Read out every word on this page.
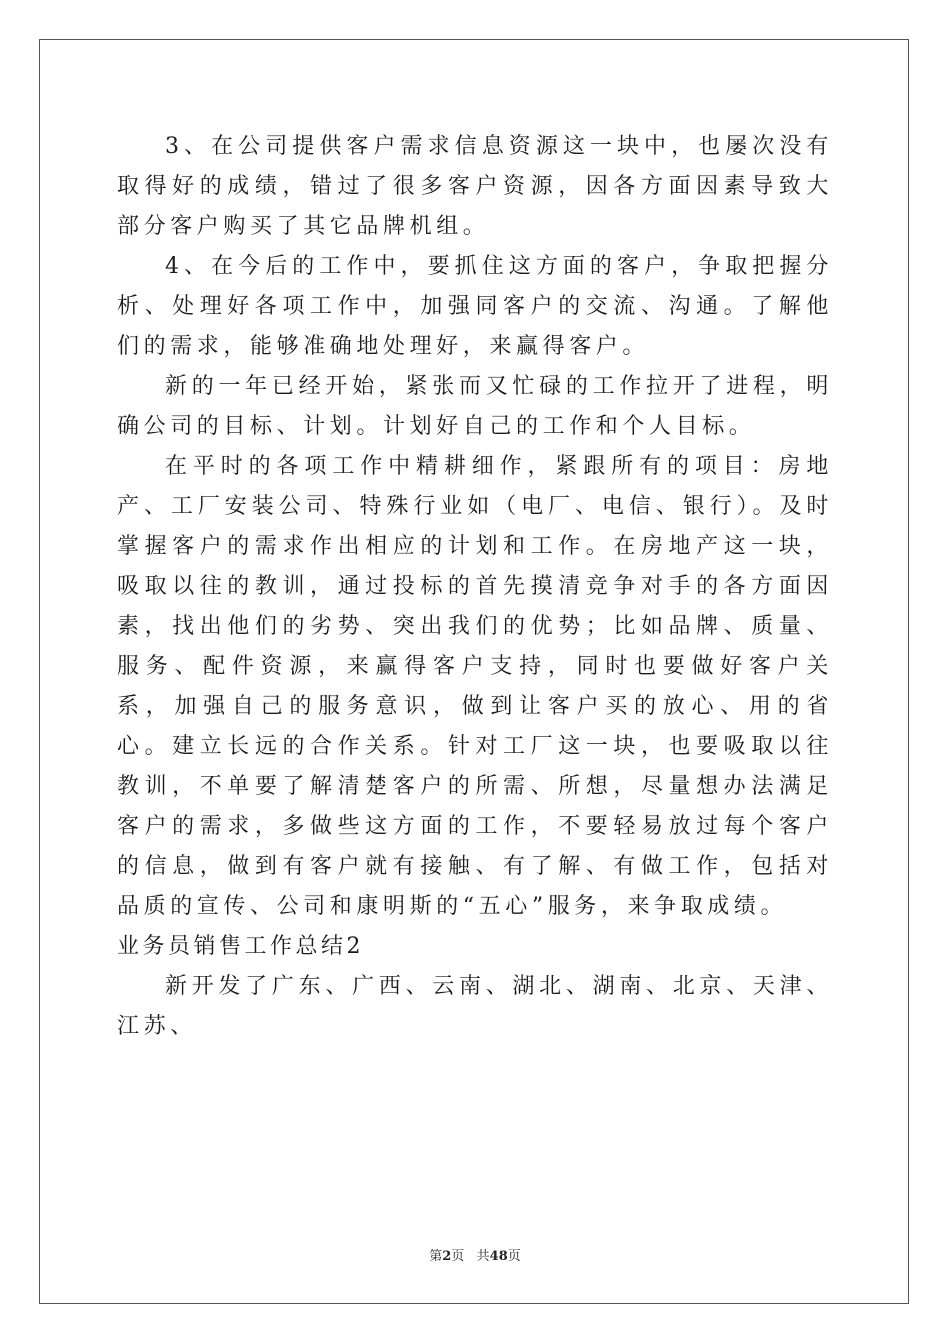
3、在公司提供客户需求信息资源这一块中，也屡次没有取得好的成绩，错过了很多客户资源，因各方面因素导致大部分客户购买了其它品牌机组。

4、在今后的工作中，要抓住这方面的客户，争取把握分析、处理好各项工作中，加强同客户的交流、沟通。了解他们的需求，能够准确地处理好，来赢得客户。

新的一年已经开始，紧张而又忙碌的工作拉开了进程，明确公司的目标、计划。计划好自己的工作和个人目标。

在平时的各项工作中精耕细作，紧跟所有的项目：房地产、工厂安装公司、特殊行业如（电厂、电信、银行）。及时掌握客户的需求作出相应的计划和工作。在房地产这一块，吸取以往的教训，通过投标的首先摸清竞争对手的各方面因素，找出他们的劣势、突出我们的优势；比如品牌、质量、服务、配件资源，来赢得客户支持，同时也要做好客户关系，加强自己的服务意识，做到让客户买的放心、用的省心。建立长远的合作关系。针对工厂这一块，也要吸取以往教训，不单要了解清楚客户的所需、所想，尽量想办法满足客户的需求，多做些这方面的工作，不要轻易放过每个客户的信息，做到有客户就有接触、有了解、有做工作，包括对品质的宣传、公司和康明斯的“五心”服务，来争取成绩。

业务员销售工作总结2

新开发了广东、广西、云南、湖北、湖南、北京、天津、江苏、

第2页   共48页
